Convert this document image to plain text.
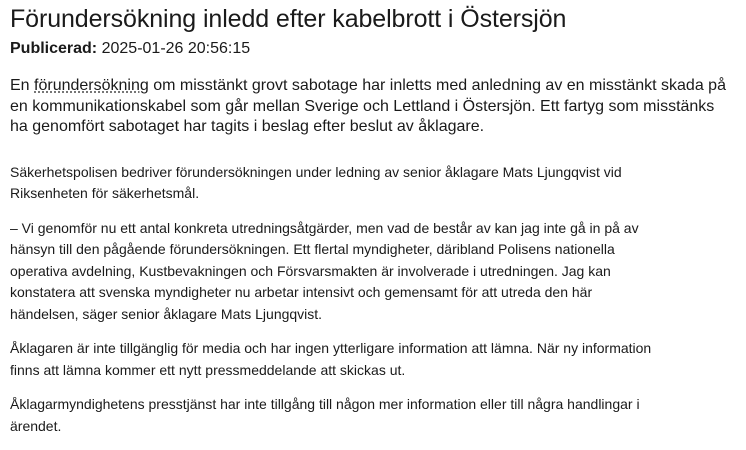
Förundersökning inledd efter kabelbrott i Östersjön
Publicerad: 2025-01-26 20:56:15

En förundersökning om misstänkt grovt sabotage har inletts med anledning av en misstänkt skada på en kommunikationskabel som går mellan Sverige och Lettland i Östersjön. Ett fartyg som misstänks ha genomfört sabotaget har tagits i beslag efter beslut av åklagare.

Säkerhetspolisen bedriver förundersökningen under ledning av senior åklagare Mats Ljungqvist vid Riksenheten för säkerhetsmål.

– Vi genomför nu ett antal konkreta utredningsåtgärder, men vad de består av kan jag inte gå in på av hänsyn till den pågående förundersökningen. Ett flertal myndigheter, däribland Polisens nationella operativa avdelning, Kustbevakningen och Försvarsmakten är involverade i utredningen. Jag kan konstatera att svenska myndigheter nu arbetar intensivt och gemensamt för att utreda den här händelsen, säger senior åklagare Mats Ljungqvist.

Åklagaren är inte tillgänglig för media och har ingen ytterligare information att lämna. När ny information finns att lämna kommer ett nytt pressmeddelande att skickas ut.

Åklagarmyndighetens presstjänst har inte tillgång till någon mer information eller till några handlingar i ärendet.
